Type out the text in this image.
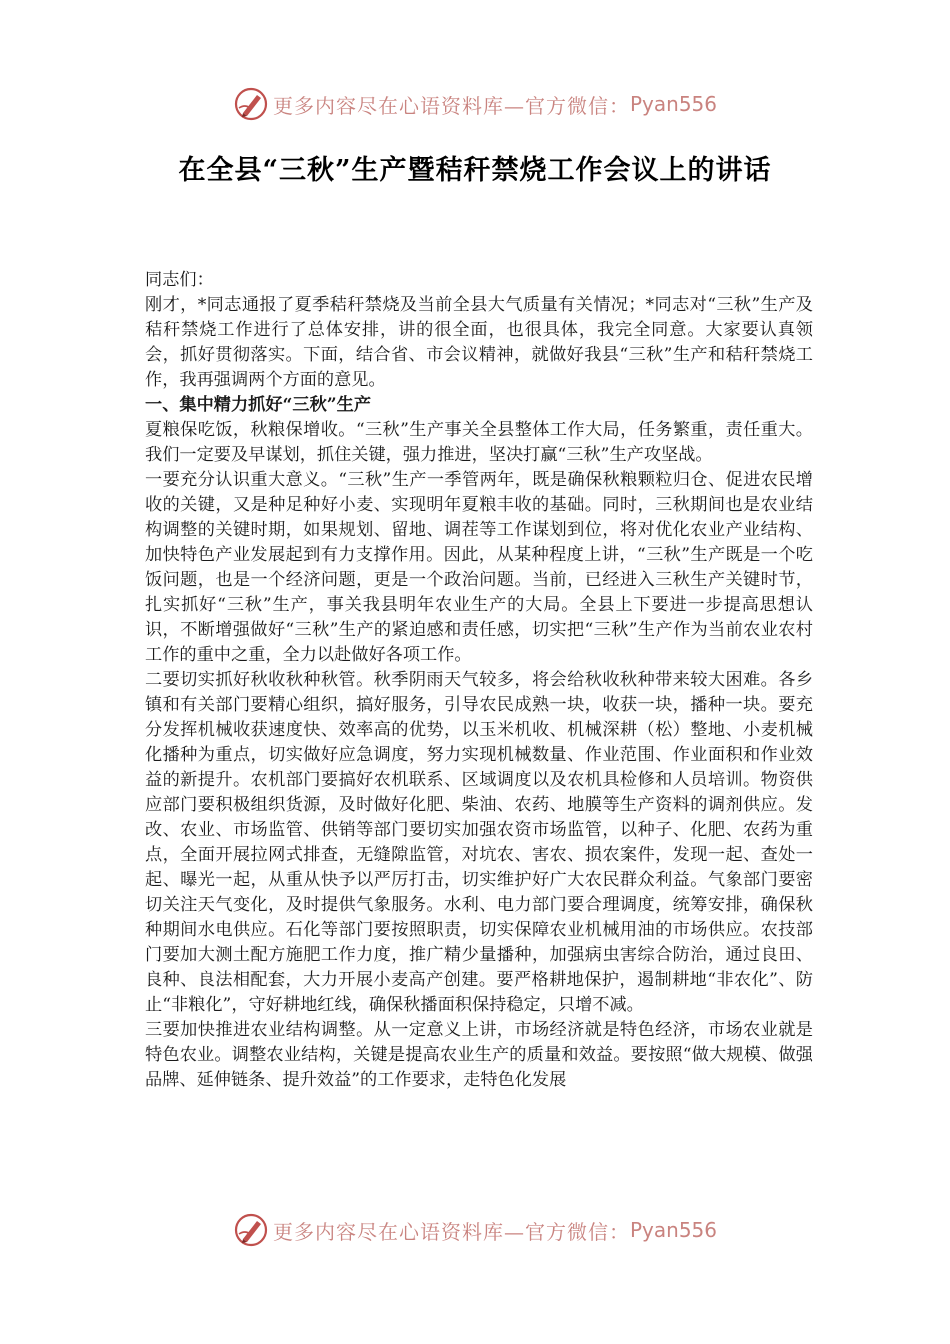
更多内容尽在心语资料库—官方微信： Pyan556
在全县“三秋”生产暨秸秆禁烧工作会议上的讲话

同志们：

刚才，*同志通报了夏季秸秆禁烧及当前全县大气质量有关情况；*同志对“三秋”生产及秸秆禁烧工作进行了总体安排，讲的很全面，也很具体，我完全同意。大家要认真领会，抓好贯彻落实。下面，结合省、市会议精神，就做好我县“三秋”生产和秸秆禁烧工作，我再强调两个方面的意见。

一、集中精力抓好“三秋”生产

夏粮保吃饭，秋粮保增收。“三秋”生产事关全县整体工作大局，任务繁重，责任重大。我们一定要及早谋划，抓住关键，强力推进，坚决打赢“三秋”生产攻坚战。

一要充分认识重大意义。“三秋”生产一季管两年，既是确保秋粮颗粒归仓、促进农民增收的关键，又是种足种好小麦、实现明年夏粮丰收的基础。同时，三秋期间也是农业结构调整的关键时期，如果规划、留地、调茬等工作谋划到位，将对优化农业产业结构、加快特色产业发展起到有力支撑作用。因此，从某种程度上讲，“三秋”生产既是一个吃饭问题，也是一个经济问题，更是一个政治问题。当前，已经进入三秋生产关键时节，扎实抓好“三秋”生产，事关我县明年农业生产的大局。全县上下要进一步提高思想认识，不断增强做好“三秋”生产的紧迫感和责任感，切实把“三秋”生产作为当前农业农村工作的重中之重，全力以赴做好各项工作。

二要切实抓好秋收秋种秋管。秋季阴雨天气较多，将会给秋收秋种带来较大困难。各乡镇和有关部门要精心组织，搞好服务，引导农民成熟一块，收获一块，播种一块。要充分发挥机械收获速度快、效率高的优势，以玉米机收、机械深耕（松）整地、小麦机械化播种为重点，切实做好应急调度，努力实现机械数量、作业范围、作业面积和作业效益的新提升。农机部门要搞好农机联系、区域调度以及农机具检修和人员培训。物资供应部门要积极组织货源，及时做好化肥、柴油、农药、地膜等生产资料的调剂供应。发改、农业、市场监管、供销等部门要切实加强农资市场监管，以种子、化肥、农药为重点，全面开展拉网式排查，无缝隙监管，对坑农、害农、损农案件，发现一起、查处一起、曝光一起，从重从快予以严厉打击，切实维护好广大农民群众利益。气象部门要密切关注天气变化，及时提供气象服务。水利、电力部门要合理调度，统筹安排，确保秋种期间水电供应。石化等部门要按照职责，切实保障农业机械用油的市场供应。农技部门要加大测土配方施肥工作力度，推广精少量播种，加强病虫害综合防治，通过良田、良种、良法相配套，大力开展小麦高产创建。要严格耕地保护，遏制耕地“非农化”、防止“非粮化”，守好耕地红线，确保秋播面积保持稳定，只增不减。

三要加快推进农业结构调整。从一定意义上讲，市场经济就是特色经济，市场农业就是特色农业。调整农业结构，关键是提高农业生产的质量和效益。要按照“做大规模、做强品牌、延伸链条、提升效益”的工作要求，走特色化发展

更多内容尽在心语资料库—官方微信： Pyan556
